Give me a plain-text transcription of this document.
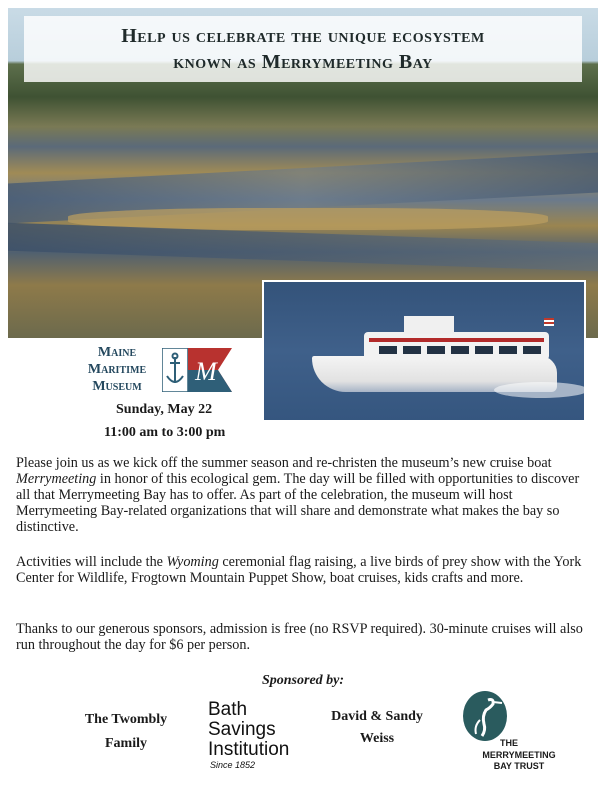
Help us celebrate the unique ecosystem
known as Merrymeeting Bay
Maine
Maritime
Museum
M
Sunday, May 22
11:00 am to 3:00 pm
Please join us as we kick off the summer season and re-christen the museum’s new cruise boat Merrymeeting in honor of this ecological gem. The day will be filled with opportunities to discover all that Merrymeeting Bay has to offer. As part of the celebration, the museum will host Merrymeeting Bay-related organizations that will share and demonstrate what makes the bay so distinctive.
Activities will include the Wyoming ceremonial flag raising, a live birds of prey show with the York Center for Wildlife, Frogtown Mountain Puppet Show, boat cruises, kids crafts and more.
Thanks to our generous sponsors, admission is free (no RSVP required). 30-minute cruises will also run throughout the day for $6 per person.
Sponsored by:
The Twombly
Family
Bath
Savings
Institution
Since 1852
David & Sandy
Weiss	THE
MERRYMEETING
BAY TRUST
